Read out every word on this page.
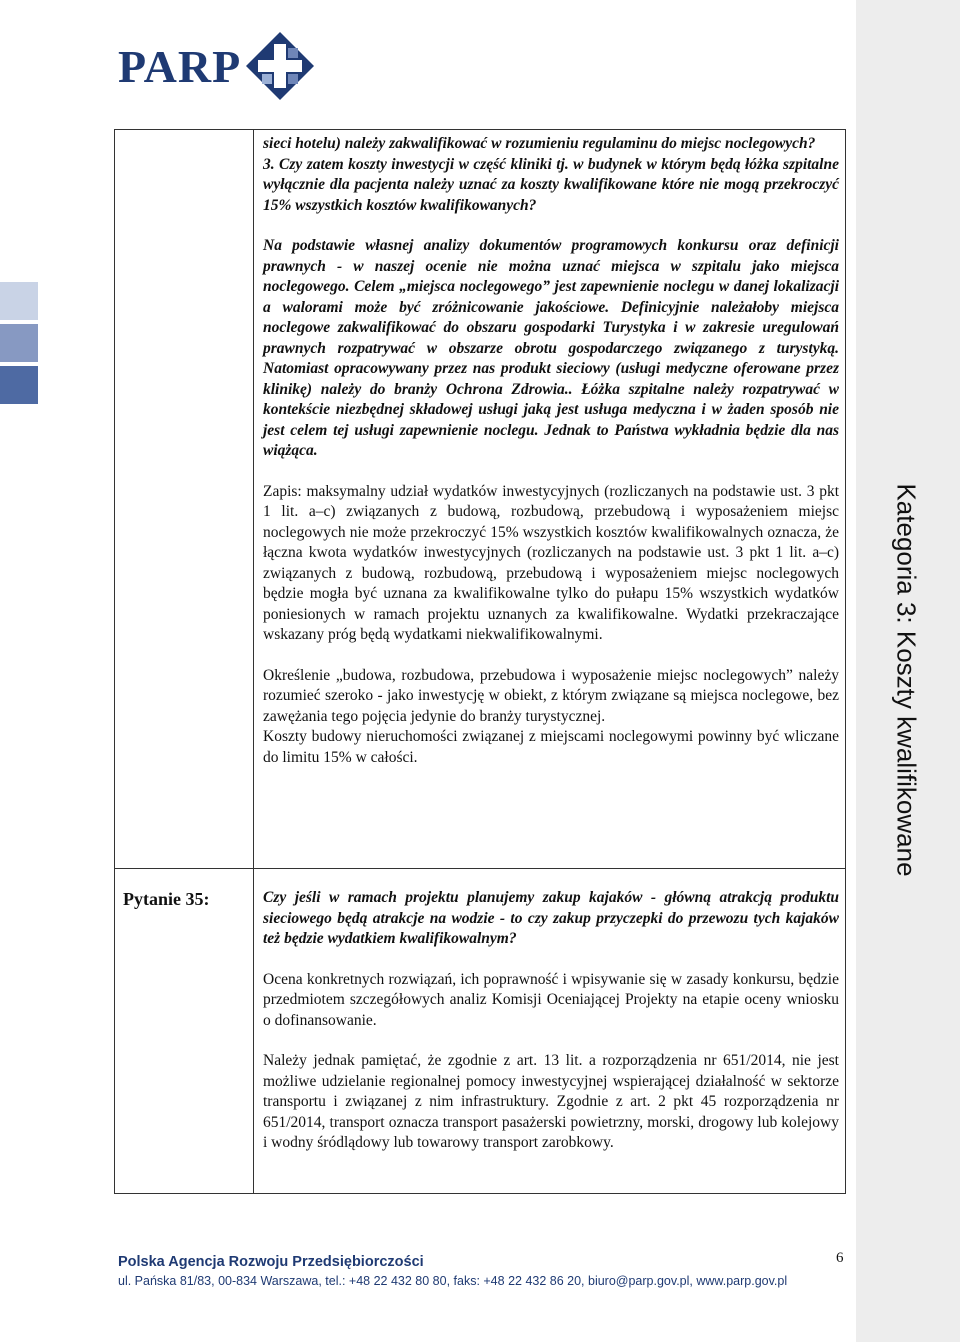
PARP
Kategoria 3: Koszty kwalifikowane

sieci hotelu) należy zakwalifikować w rozumieniu regulaminu do miejsc noclegowych?

3. Czy zatem koszty inwestycji w część kliniki tj. w budynek w którym będą łóżka szpitalne wyłącznie dla pacjenta należy uznać za koszty kwalifikowane które nie mogą przekroczyć 15% wszystkich kosztów kwalifikowanych?

Na podstawie własnej analizy dokumentów programowych konkursu oraz definicji prawnych - w naszej ocenie nie można uznać miejsca w szpitalu jako miejsca noclegowego. Celem „miejsca noclegowego” jest zapewnienie noclegu w danej lokalizacji a walorami może być zróżnicowanie jakościowe. Definicyjnie należałoby miejsca noclegowe zakwalifikować do obszaru gospodarki Turystyka i w zakresie uregulowań prawnych rozpatrywać w obszarze obrotu gospodarczego związanego z turystyką. Natomiast opracowywany przez nas produkt sieciowy (usługi medyczne oferowane przez klinikę) należy do branży Ochrona Zdrowia.. Łóżka szpitalne należy rozpatrywać w kontekście niezbędnej składowej usługi jaką jest usługa medyczna i w żaden sposób nie jest celem tej usługi zapewnienie noclegu. Jednak to Państwa wykładnia będzie dla nas wiążąca.

Zapis: maksymalny udział wydatków inwestycyjnych (rozliczanych na podstawie ust. 3 pkt 1 lit. a–c) związanych z budową, rozbudową, przebudową i wyposażeniem miejsc noclegowych nie może przekroczyć 15% wszystkich kosztów kwalifikowalnych oznacza, że łączna kwota wydatków inwestycyjnych (rozliczanych na podstawie ust. 3 pkt 1 lit. a–c) związanych z budową, rozbudową, przebudową i wyposażeniem miejsc noclegowych będzie mogła być uznana za kwalifikowalne tylko do pułapu 15% wszystkich wydatków poniesionych w ramach projektu uznanych za kwalifikowalne. Wydatki przekraczające wskazany próg będą wydatkami niekwalifikowalnymi.

Określenie „budowa, rozbudowa, przebudowa i wyposażenie miejsc noclegowych” należy rozumieć szeroko - jako inwestycję w obiekt, z którym związane są miejsca noclegowe, bez zawężania tego pojęcia jedynie do branży turystycznej.

Koszty budowy nieruchomości związanej z miejscami noclegowymi powinny być wliczane do limitu 15% w całości.

Pytanie 35:	Czy jeśli w ramach projektu planujemy zakup kajaków - główną atrakcją produktu sieciowego będą atrakcje na wodzie - to czy zakup przyczepki do przewozu tych kajaków też będzie wydatkiem kwalifikowalnym?

Ocena konkretnych rozwiązań, ich poprawność i wpisywanie się w zasady konkursu, będzie przedmiotem szczegółowych analiz Komisji Oceniającej Projekty na etapie oceny wniosku o dofinansowanie.

Należy jednak pamiętać, że zgodnie z art. 13 lit. a rozporządzenia nr 651/2014, nie jest możliwe udzielanie regionalnej pomocy inwestycyjnej wspierającej działalność w sektorze transportu i związanej z nim infrastruktury. Zgodnie z art. 2 pkt 45 rozporządzenia nr 651/2014, transport oznacza transport pasażerski powietrzny, morski, drogowy lub kolejowy i wodny śródlądowy lub towarowy transport zarobkowy.

Polska Agencja Rozwoju Przedsiębiorczości
ul. Pańska 81/83, 00-834 Warszawa, tel.: +48 22 432 80 80, faks: +48 22 432 86 20, biuro@parp.gov.pl, www.parp.gov.pl
6
